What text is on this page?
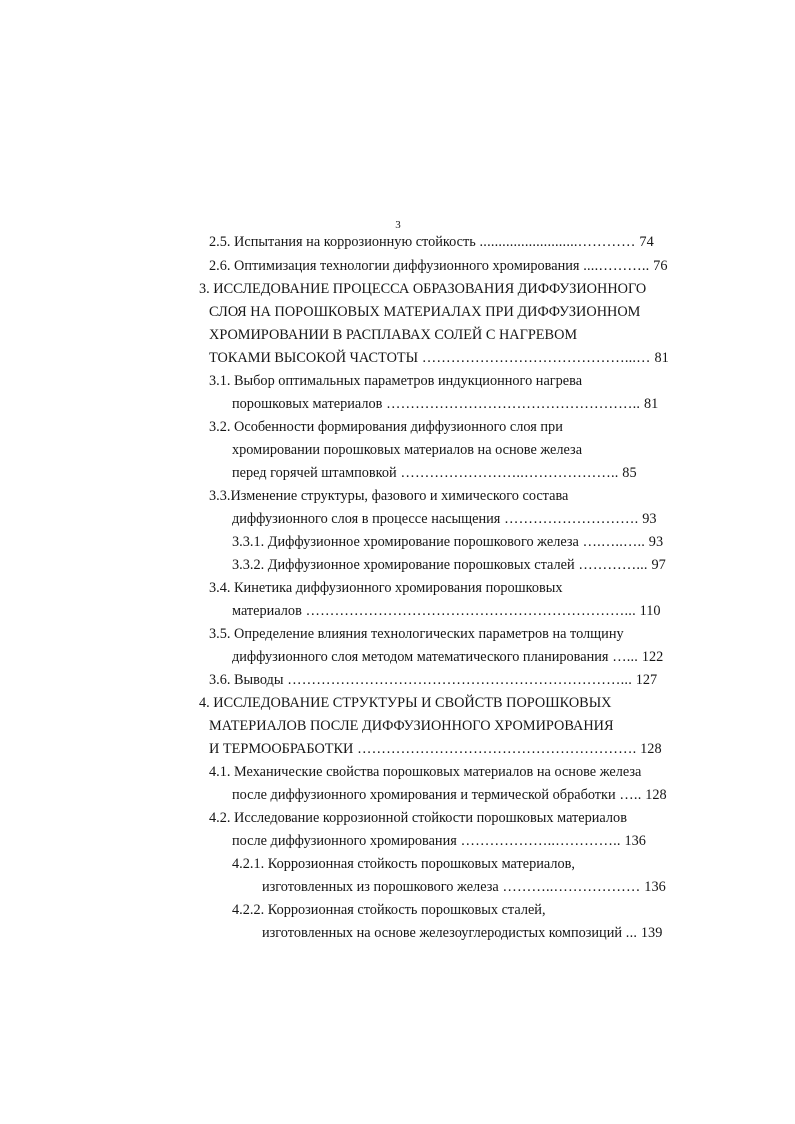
3
2.5. Испытания на коррозионную стойкость ..........................………… 74
2.6. Оптимизация технологии диффузионного хромирования ....……….. 76
3. ИССЛЕДОВАНИЕ ПРОЦЕССА ОБРАЗОВАНИЯ ДИФФУЗИОННОГО
СЛОЯ НА ПОРОШКОВЫХ МАТЕРИАЛАХ ПРИ ДИФФУЗИОННОМ
ХРОМИРОВАНИИ В РАСПЛАВАХ СОЛЕЙ С НАГРЕВОМ
ТОКАМИ ВЫСОКОЙ ЧАСТОТЫ ……………………………………...… 81
3.1. Выбор оптимальных параметров индукционного нагрева
порошковых материалов …………………………………………….. 81
3.2. Особенности формирования диффузионного слоя при
хромировании порошковых материалов на основе железа
перед горячей штамповкой ……………………..……………….. 85
3.3.Изменение структуры, фазового и химического состава
диффузионного слоя в процессе насыщения ………………………. 93
3.3.1. Диффузионное хромирование порошкового железа ….…..….. 93
3.3.2. Диффузионное хромирование порошковых сталей …………... 97
3.4. Кинетика диффузионного хромирования порошковых
материалов …………………………………………………………... 110
3.5. Определение влияния технологических параметров на толщину
диффузионного слоя методом математического планирования …... 122
3.6. Выводы ……………………………………………………………... 127
4. ИССЛЕДОВАНИЕ СТРУКТУРЫ И СВОЙСТВ ПОРОШКОВЫХ
МАТЕРИАЛОВ ПОСЛЕ ДИФФУЗИОННОГО ХРОМИРОВАНИЯ
И ТЕРМООБРАБОТКИ …………………………………………………. 128
4.1. Механические свойства порошковых материалов на основе железа
после диффузионного хромирования и термической обработки ….. 128
4.2. Исследование коррозионной стойкости порошковых материалов
после диффузионного хромирования ………………..………….. 136
4.2.1. Коррозионная стойкость порошковых материалов,
изготовленных из порошкового железа ………..……………… 136
4.2.2. Коррозионная стойкость порошковых сталей,
изготовленных на основе железоуглеродистых композиций ... 139
